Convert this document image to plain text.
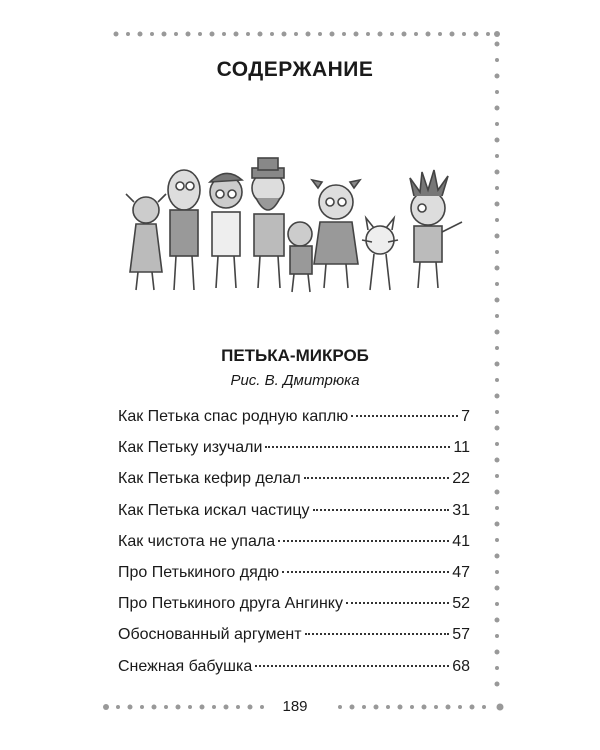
СОДЕРЖАНИЕ
ПЕТЬКА-МИКРОБ
Рис. В. Дмитрюка
Как Петька спас родную каплю	7
Как Петьку изучали	11
Как Петька кефир делал	22
Как Петька искал частицу	31
Как чистота не упала	41
Про Петькиного дядю	47
Про Петькиного друга Ангинку	52
Обоснованный аргумент	57
Снежная бабушка	68
189
